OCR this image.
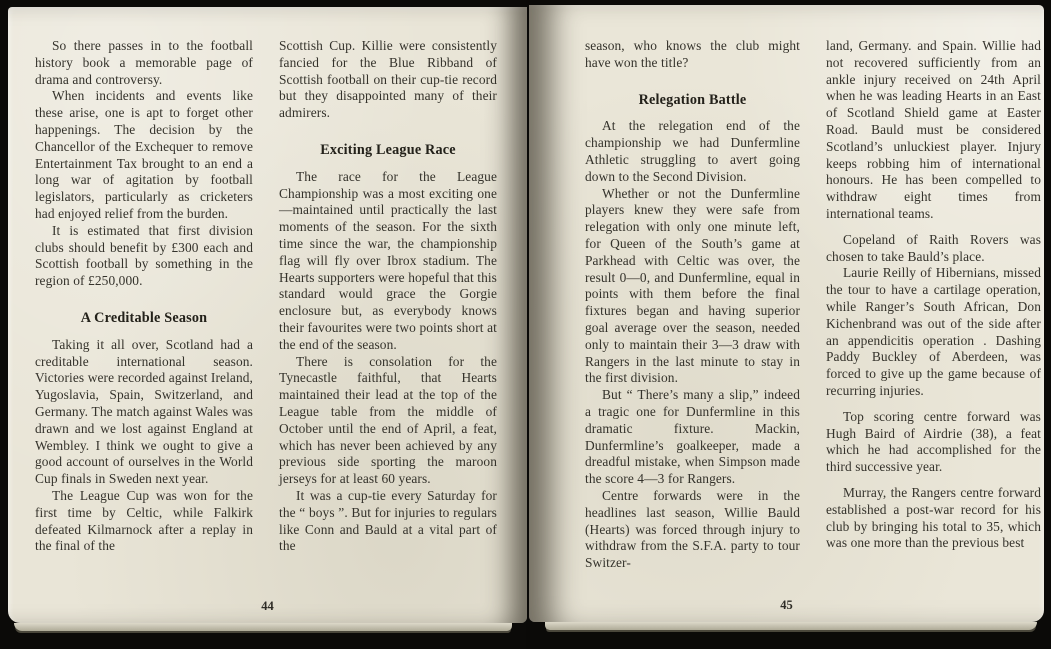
So there passes in to the football history book a memorable page of drama and controversy.

When incidents and events like these arise, one is apt to forget other happenings. The decision by the Chancellor of the Exchequer to remove Entertainment Tax brought to an end a long war of agitation by football legislators, particularly as cricketers had enjoyed relief from the burden.

It is estimated that first division clubs should benefit by £300 each and Scottish football by something in the region of £250,000.

A Creditable Season

Taking it all over, Scotland had a creditable international season. Victories were recorded against Ireland, Yugoslavia, Spain, Switzerland, and Germany. The match against Wales was drawn and we lost against England at Wembley. I think we ought to give a good account of ourselves in the World Cup finals in Sweden next year.

The League Cup was won for the first time by Celtic, while Falkirk defeated Kilmarnock after a replay in the final of the

Scottish Cup. Killie were consistently fancied for the Blue Ribband of Scottish football on their cup-tie record but they disappointed many of their admirers.

Exciting League Race

The race for the League Championship was a most exciting one—maintained until practically the last moments of the season. For the sixth time since the war, the championship flag will fly over Ibrox stadium. The Hearts supporters were hopeful that this standard would grace the Gorgie enclosure but, as everybody knows their favourites were two points short at the end of the season.

There is consolation for the Tynecastle faithful, that Hearts maintained their lead at the top of the League table from the middle of October until the end of April, a feat, which has never been achieved by any previous side sporting the maroon jerseys for at least 60 years.

It was a cup-tie every Saturday for the “ boys ”. But for injuries to regulars like Conn and Bauld at a vital part of the

44

season, who knows the club might have won the title?

Relegation Battle

At the relegation end of the championship we had Dunfermline Athletic struggling to avert going down to the Second Division.

Whether or not the Dunfermline players knew they were safe from relegation with only one minute left, for Queen of the South’s game at Parkhead with Celtic was over, the result 0—0, and Dunfermline, equal in points with them before the final fixtures began and having superior goal average over the season, needed only to maintain their 3—3 draw with Rangers in the last minute to stay in the first division.

But “ There’s many a slip,” indeed a tragic one for Dunfermline in this dramatic fixture. Mackin, Dunfermline’s goalkeeper, made a dreadful mistake, when Simpson made the score 4—3 for Rangers.

Centre forwards were in the headlines last season, Willie Bauld (Hearts) was forced through injury to withdraw from the S.F.A. party to tour Switzer-

land, Germany. and Spain. Willie had not recovered sufficiently from an ankle injury received on 24th April when he was leading Hearts in an East of Scotland Shield game at Easter Road. Bauld must be considered Scotland’s unluckiest player. Injury keeps robbing him of international honours. He has been compelled to withdraw eight times from international teams.

Copeland of Raith Rovers was chosen to take Bauld’s place.

Laurie Reilly of Hibernians, missed the tour to have a cartilage operation, while Ranger’s South African, Don Kichenbrand was out of the side after an appendicitis operation . Dashing Paddy Buckley of Aberdeen, was forced to give up the game because of recurring injuries.

Top scoring centre forward was Hugh Baird of Airdrie (38), a feat which he had accomplished for the third successive year.

Murray, the Rangers centre forward established a post-war record for his club by bringing his total to 35, which was one more than the previous best

45
